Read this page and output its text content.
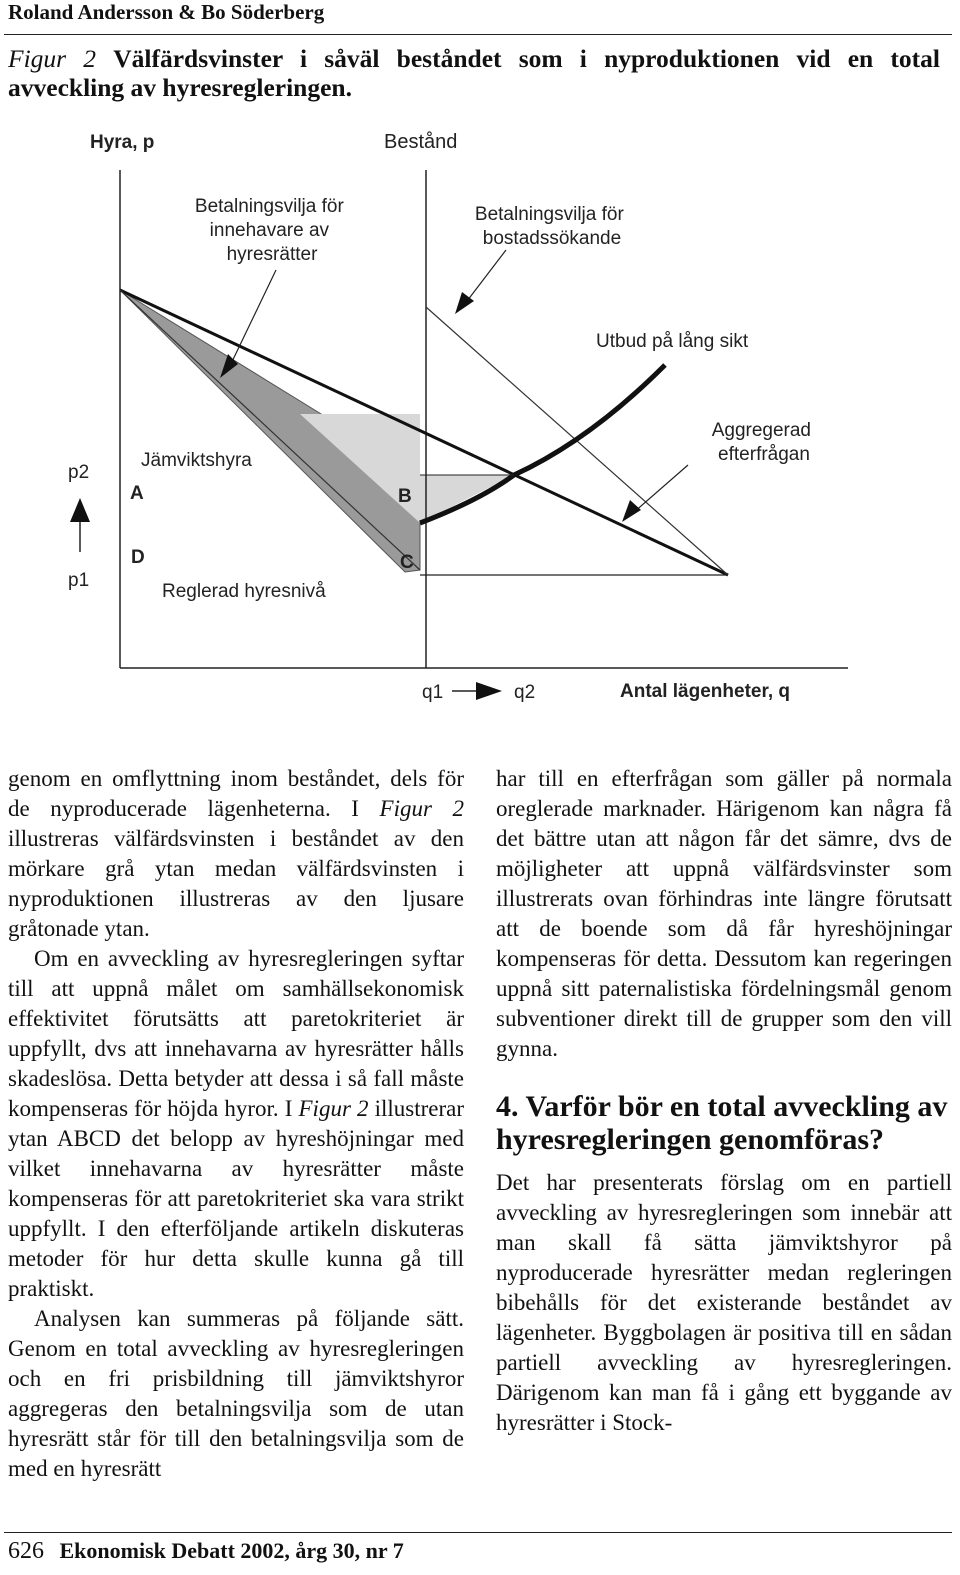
Roland Andersson & Bo Söderberg
Figur 2 Välfärdsvinster i såväl beståndet som i nyproduktionen vid en total avveckling av hyresregleringen.
Hyra, p	Bestånd
Betalningsvilja för innehavare av hyresrätter
Betalningsvilja för bostadssökande
Utbud på lång sikt
Aggregerad efterfrågan
p2
p1
Jämviktshyra
Reglerad hyresnivå
A	B
C
D
q1	q2	Antal lägenheter, q

genom en omflyttning inom beståndet, dels för de nyproducerade lägenheterna. I Figur 2 illustreras välfärdsvinsten i beståndet av den mörkare grå ytan medan välfärdsvinsten i nyproduktionen illustreras av den ljusare gråtonade ytan.

Om en avveckling av hyresregleringen syftar till att uppnå målet om samhällsekonomisk effektivitet förutsätts att paretokriteriet är uppfyllt, dvs att innehavarna av hyresrätter hålls skadeslösa. Detta betyder att dessa i så fall måste kompenseras för höjda hyror. I Figur 2 illustrerar ytan ABCD det belopp av hyreshöjningar med vilket innehavarna av hyresrätter måste kompenseras för att paretokriteriet ska vara strikt uppfyllt. I den efterföljande artikeln diskuteras metoder för hur detta skulle kunna gå till praktiskt.

Analysen kan summeras på följande sätt. Genom en total avveckling av hyresregleringen och en fri prisbildning till jämviktshyror aggregeras den betalningsvilja som de utan hyresrätt står för till den betalningsvilja som de med en hyresrätt

har till en efterfrågan som gäller på normala oreglerade marknader. Härigenom kan några få det bättre utan att någon får det sämre, dvs de möjligheter att uppnå välfärdsvinster som illustrerats ovan förhindras inte längre förutsatt att de boende som då får hyreshöjningar kompenseras för detta. Dessutom kan regeringen uppnå sitt paternalistiska fördelningsmål genom subventioner direkt till de grupper som den vill gynna.

4. Varför bör en total avveckling av hyresregleringen genomföras?

Det har presenterats förslag om en partiell avveckling av hyresregleringen som innebär att man skall få sätta jämviktshyror på nyproducerade hyresrätter medan regleringen bibehålls för det existerande beståndet av lägenheter. Byggbolagen är positiva till en sådan partiell avveckling av hyresregleringen. Därigenom kan man få i gång ett byggande av hyresrätter i Stock-

626 Ekonomisk Debatt 2002, årg 30, nr 7
